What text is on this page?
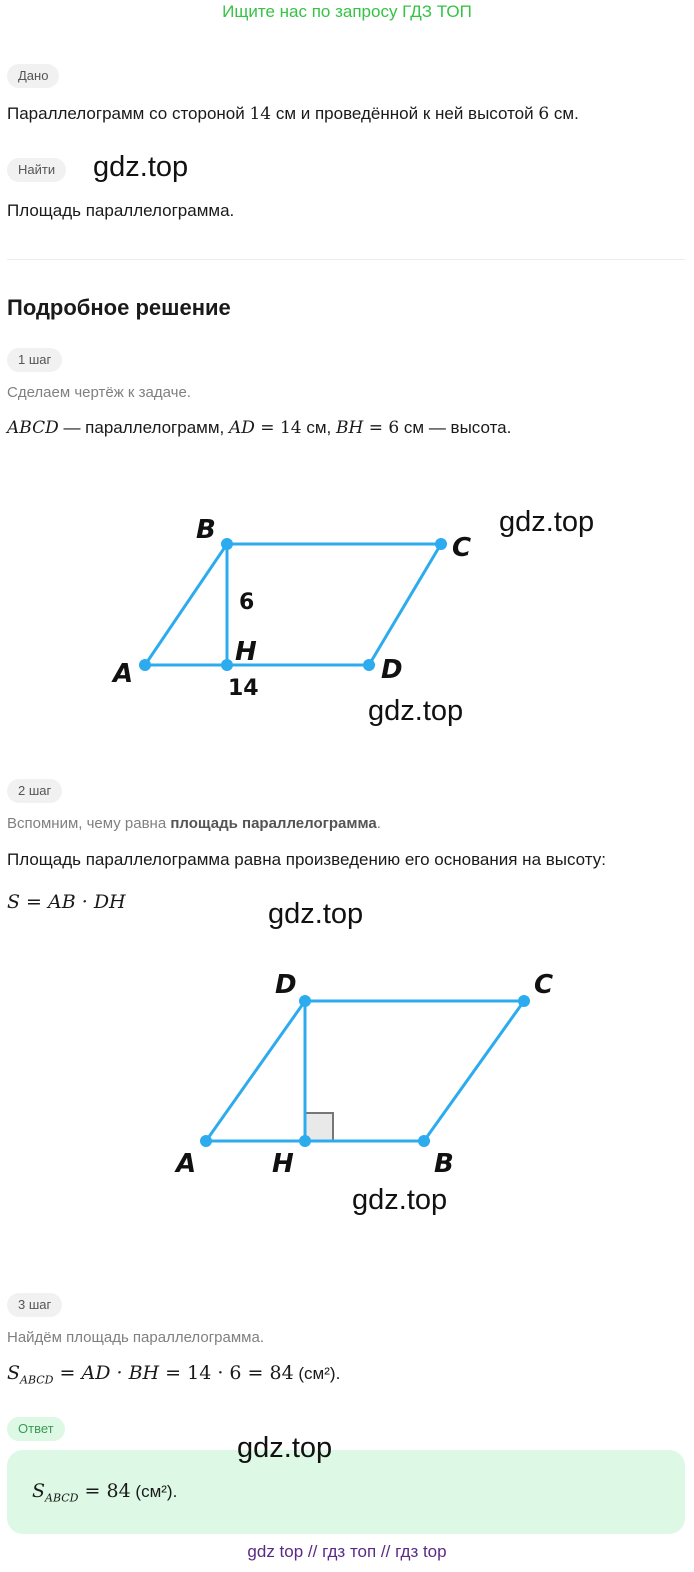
Ищите нас по запросу ГДЗ ТОП
Дано
Параллелограмм со стороной 14 см и проведённой к ней высотой 6 см.
Найти	gdz.top
Площадь параллелограмма.
Подробное решение
1 шаг
Сделаем чертёж к задаче.
ABCD — параллелограмм, AD = 14 см, BH = 6 см — высота.
A
B
C
D
H
6
14
gdz.top
gdz.top
2 шаг
Вспомним, чему равна площадь параллелограмма.
Площадь параллелограмма равна произведению его основания на высоту:
S = AB · DH	gdz.top
A
D	C
B
H
gdz.top
3 шаг
Найдём площадь параллелограмма.
$S_{ABCD}$ = AD · BH = 14 · 6 = 84 (см²).
Ответ
$S_{ABCD} = 84$ (см²).
gdz.top
gdz top // гдз топ // гдз top
